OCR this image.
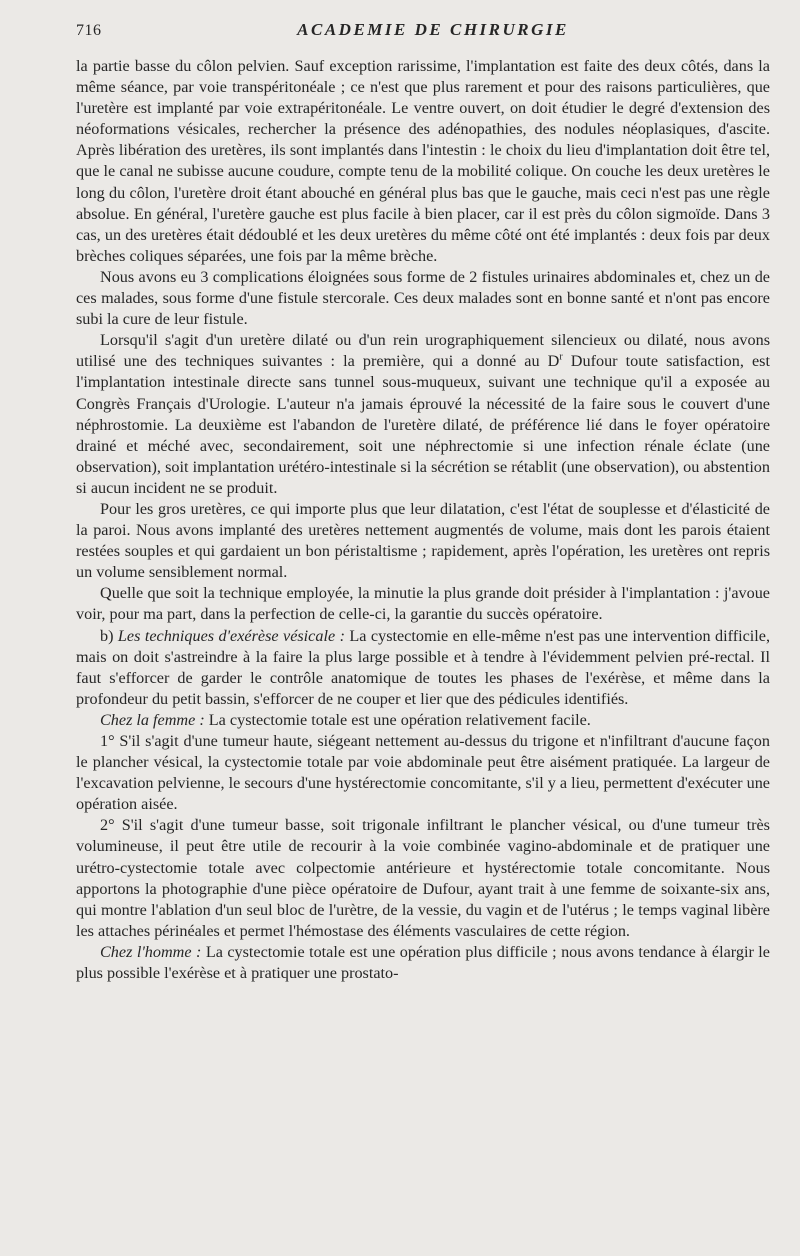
716	ACADEMIE DE CHIRURGIE

la partie basse du côlon pelvien. Sauf exception rarissime, l'implantation est faite des deux côtés, dans la même séance, par voie transpéritonéale ; ce n'est que plus rarement et pour des raisons particulières, que l'uretère est implanté par voie extrapéritonéale. Le ventre ouvert, on doit étudier le degré d'extension des néoformations vésicales, rechercher la présence des adénopathies, des nodules néoplasiques, d'ascite. Après libération des uretères, ils sont implantés dans l'intestin : le choix du lieu d'implantation doit être tel, que le canal ne subisse aucune coudure, compte tenu de la mobilité colique. On couche les deux uretères le long du côlon, l'uretère droit étant abouché en général plus bas que le gauche, mais ceci n'est pas une règle absolue. En général, l'uretère gauche est plus facile à bien placer, car il est près du côlon sigmoïde. Dans 3 cas, un des uretères était dédoublé et les deux uretères du même côté ont été implantés : deux fois par deux brèches coliques séparées, une fois par la même brèche.

Nous avons eu 3 complications éloignées sous forme de 2 fistules urinaires abdominales et, chez un de ces malades, sous forme d'une fistule stercorale. Ces deux malades sont en bonne santé et n'ont pas encore subi la cure de leur fistule.

Lorsqu'il s'agit d'un uretère dilaté ou d'un rein urographiquement silencieux ou dilaté, nous avons utilisé une des techniques suivantes : la première, qui a donné au $D^r$ Dufour toute satisfaction, est l'implantation intestinale directe sans tunnel sous-muqueux, suivant une technique qu'il a exposée au Congrès Français d'Urologie. L'auteur n'a jamais éprouvé la nécessité de la faire sous le couvert d'une néphrostomie. La deuxième est l'abandon de l'uretère dilaté, de préférence lié dans le foyer opératoire drainé et méché avec, secondairement, soit une néphrectomie si une infection rénale éclate (une observation), soit implantation urétéro-intestinale si la sécrétion se rétablit (une observation), ou abstention si aucun incident ne se produit.

Pour les gros uretères, ce qui importe plus que leur dilatation, c'est l'état de souplesse et d'élasticité de la paroi. Nous avons implanté des uretères nettement augmentés de volume, mais dont les parois étaient restées souples et qui gardaient un bon péristaltisme ; rapidement, après l'opération, les uretères ont repris un volume sensiblement normal.

Quelle que soit la technique employée, la minutie la plus grande doit présider à l'implantation : j'avoue voir, pour ma part, dans la perfection de celle-ci, la garantie du succès opératoire.

b) Les techniques d'exérèse vésicale : La cystectomie en elle-même n'est pas une intervention difficile, mais on doit s'astreindre à la faire la plus large possible et à tendre à l'évidemment pelvien pré-rectal. Il faut s'efforcer de garder le contrôle anatomique de toutes les phases de l'exérèse, et même dans la profondeur du petit bassin, s'efforcer de ne couper et lier que des pédicules identifiés.

Chez la femme : La cystectomie totale est une opération relativement facile.

1° S'il s'agit d'une tumeur haute, siégeant nettement au-dessus du trigone et n'infiltrant d'aucune façon le plancher vésical, la cystectomie totale par voie abdominale peut être aisément pratiquée. La largeur de l'excavation pelvienne, le secours d'une hystérectomie concomitante, s'il y a lieu, permettent d'exécuter une opération aisée.

2° S'il s'agit d'une tumeur basse, soit trigonale infiltrant le plancher vésical, ou d'une tumeur très volumineuse, il peut être utile de recourir à la voie combinée vagino-abdominale et de pratiquer une urétro-cystectomie totale avec colpectomie antérieure et hystérectomie totale concomitante. Nous apportons la photographie d'une pièce opératoire de Dufour, ayant trait à une femme de soixante-six ans, qui montre l'ablation d'un seul bloc de l'urètre, de la vessie, du vagin et de l'utérus ; le temps vaginal libère les attaches périnéales et permet l'hémostase des éléments vasculaires de cette région.

Chez l'homme : La cystectomie totale est une opération plus difficile ; nous avons tendance à élargir le plus possible l'exérèse et à pratiquer une prostato-
